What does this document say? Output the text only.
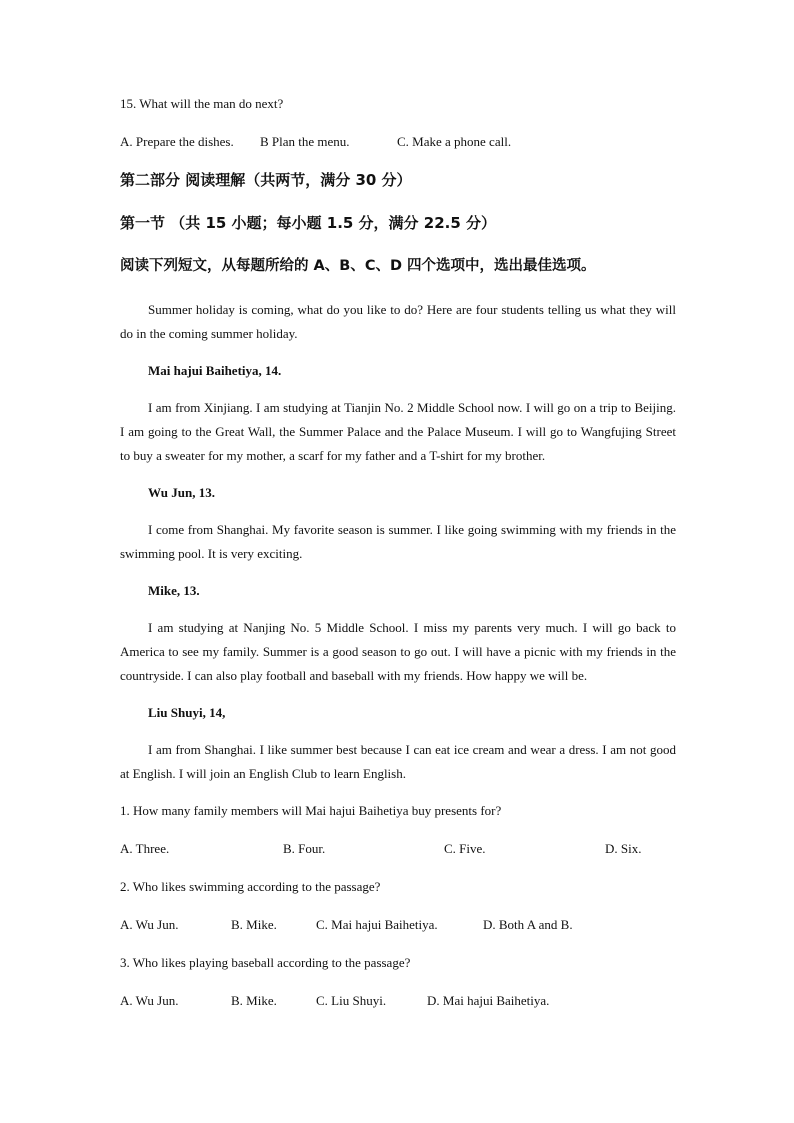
15. What will the man do next?
A. Prepare the dishes.	B Plan the menu.	C. Make a phone call.
第二部分 阅读理解（共两节，满分 30 分）
第一节 （共 15 小题；每小题 1.5 分，满分 22.5 分）
阅读下列短文，从每题所给的 A、B、C、D 四个选项中，选出最佳选项。
Summer holiday is coming, what do you like to do? Here are four students telling us what they will do in the coming summer holiday.
Mai hajui Baihetiya, 14.
I am from Xinjiang. I am studying at Tianjin No. 2 Middle School now. I will go on a trip to Beijing. I am going to the Great Wall, the Summer Palace and the Palace Museum. I will go to Wangfujing Street to buy a sweater for my mother, a scarf for my father and a T-shirt for my brother.
Wu Jun, 13.
I come from Shanghai. My favorite season is summer. I like going swimming with my friends in the swimming pool. It is very exciting.
Mike, 13.
I am studying at Nanjing No. 5 Middle School. I miss my parents very much. I will go back to America to see my family. Summer is a good season to go out. I will have a picnic with my friends in the countryside. I can also play football and baseball with my friends. How happy we will be.
Liu Shuyi, 14,
I am from Shanghai. I like summer best because I can eat ice cream and wear a dress. I am not good at English. I will join an English Club to learn English.
1. How many family members will Mai hajui Baihetiya buy presents for?
A. Three.	B. Four.	C. Five.	D. Six.
2. Who likes swimming according to the passage?
A. Wu Jun.	B. Mike.	C. Mai hajui Baihetiya.	D. Both A and B.
3. Who likes playing baseball according to the passage?
A. Wu Jun.	B. Mike.	C. Liu Shuyi.	D. Mai hajui Baihetiya.
